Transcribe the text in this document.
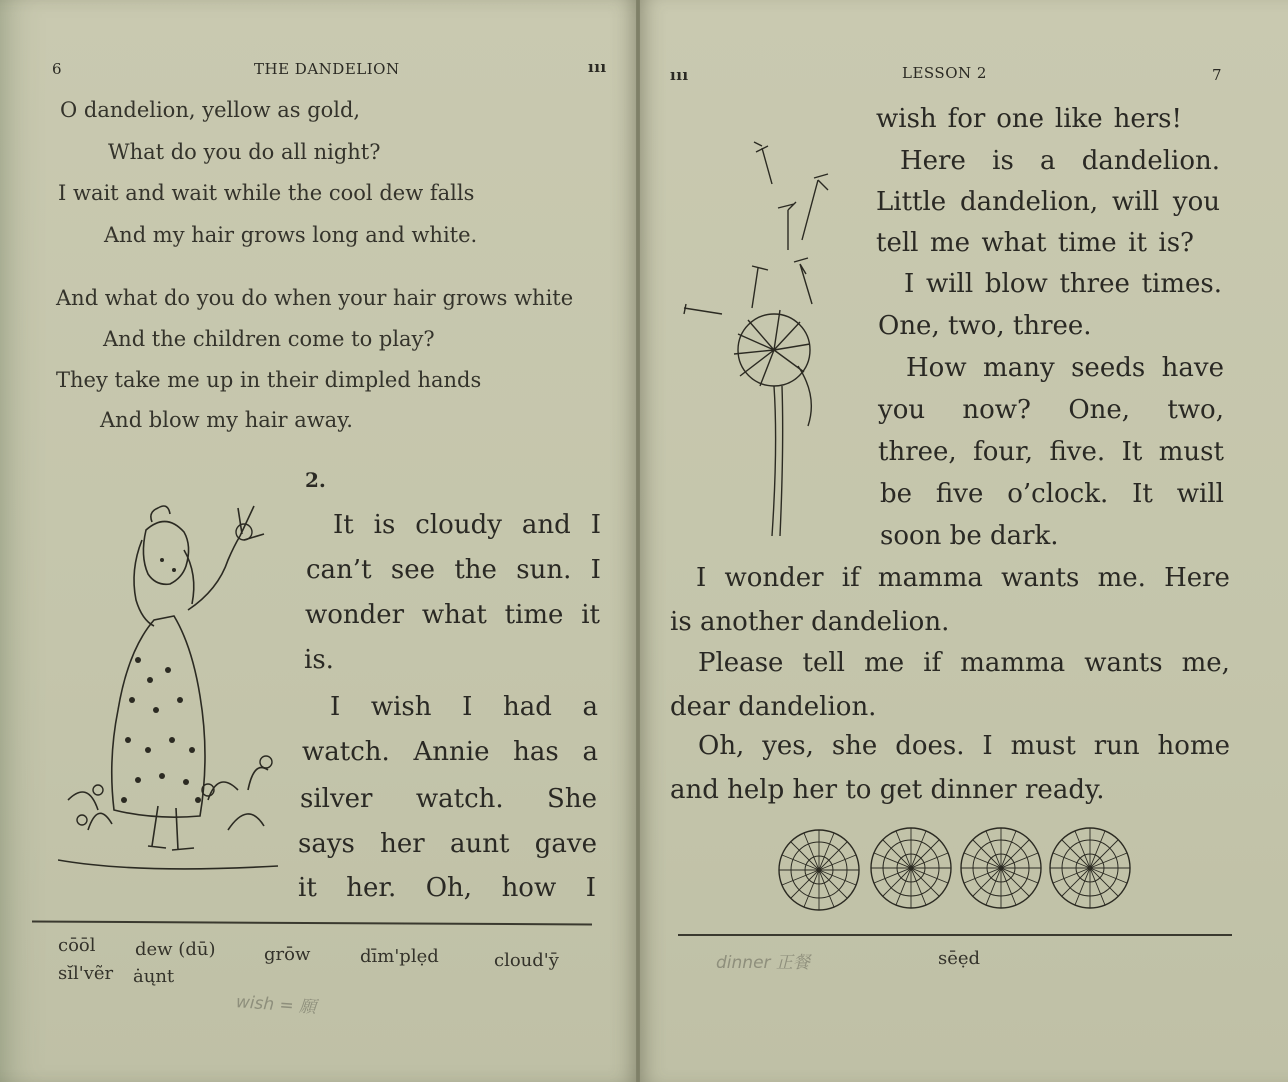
6	THE DANDELION	ııı
O dandelion, yellow as gold,
What do you do all night?
I wait and wait while the cool dew falls
And my hair grows long and white.
And what do you do when your hair grows white
And the children come to play?
They take me up in their dimpled hands
And blow my hair away.
2.
It is cloudy and I
can’t see the sun. I
wonder what time it
is.
I wish I had a
watch. Annie has a
silver watch. She
says her aunt gave
it her. Oh, how I
cōōl dew (dū)	grōw	dīm'plẹd	cloud'ȳ
sĭl'vẽr ȧųnt
wish = 願
ııı	LESSON 2	7
wish for one like hers!
Here is a dandelion.
Little dandelion, will you
tell me what time it is?
I will blow three times.
One, two, three.
How many seeds have
you now? One, two,
three, four, five. It must
be five o’clock. It will
soon be dark.
I wonder if mamma wants me. Here
is another dandelion.
Please tell me if mamma wants me,
dear dandelion.
Oh, yes, she does. I must run home
and help her to get dinner ready.
dinner 正餐	sēẹd
